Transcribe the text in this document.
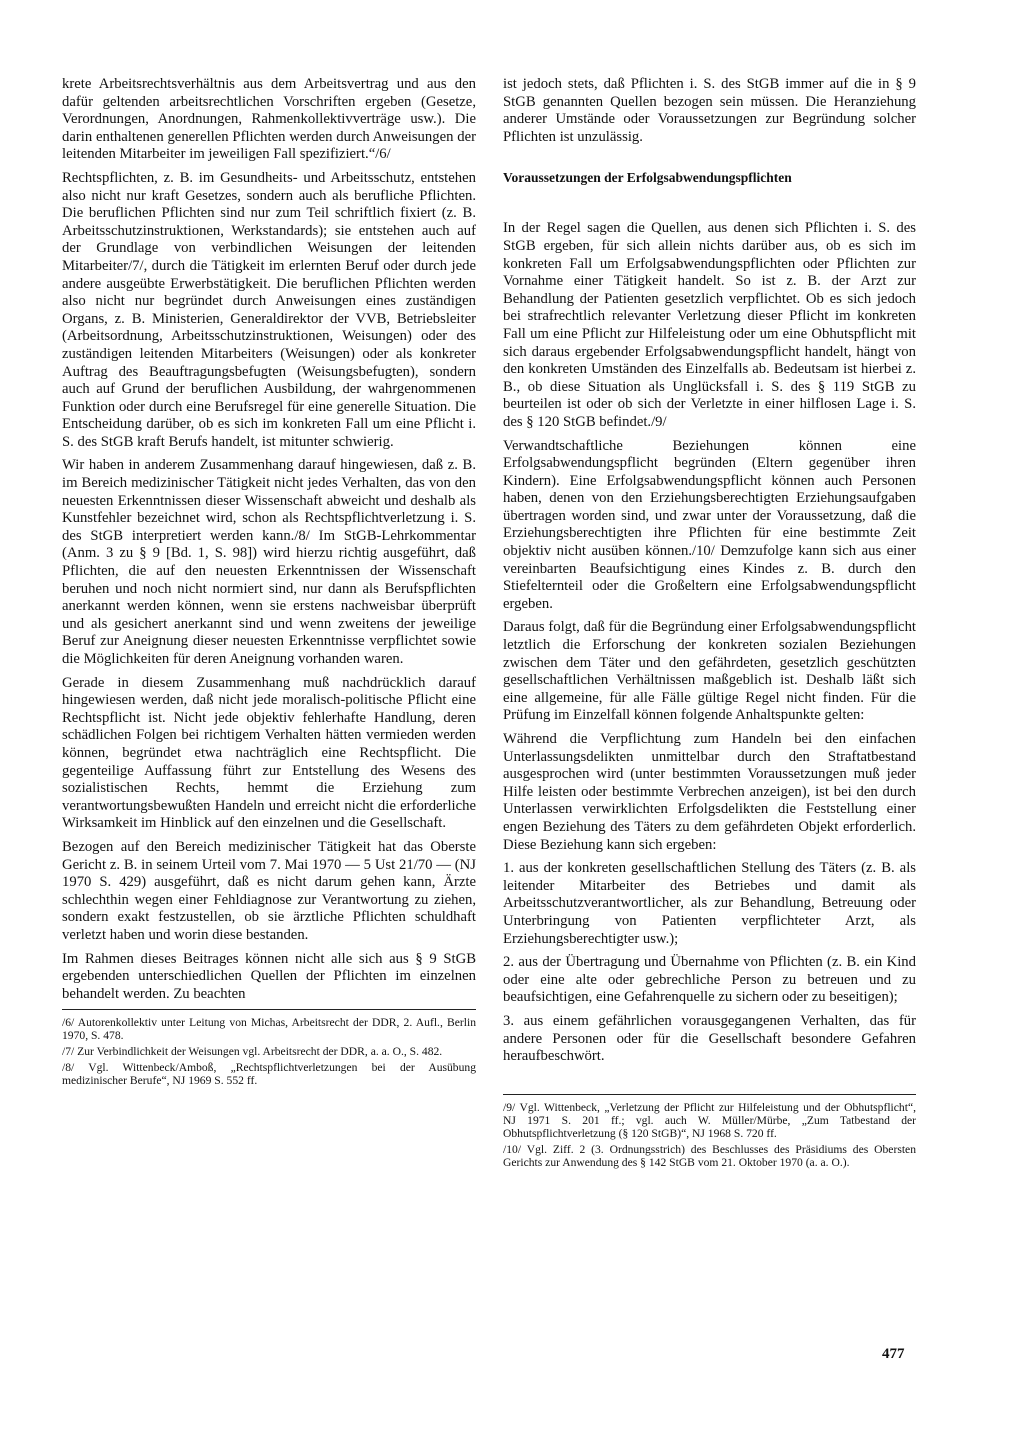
krete Arbeitsrechtsverhältnis aus dem Arbeitsvertrag und aus den dafür geltenden arbeitsrechtlichen Vorschriften ergeben (Gesetze, Verordnungen, Anordnungen, Rahmenkollektivverträge usw.). Die darin enthaltenen generellen Pflichten werden durch Anweisungen der leitenden Mitarbeiter im jeweiligen Fall spezifiziert.“/6/

Rechtspflichten, z. B. im Gesundheits- und Arbeitsschutz, entstehen also nicht nur kraft Gesetzes, sondern auch als berufliche Pflichten. Die beruflichen Pflichten sind nur zum Teil schriftlich fixiert (z. B. Arbeitsschutzinstruktionen, Werkstandards); sie entstehen auch auf der Grundlage von verbindlichen Weisungen der leitenden Mitarbeiter/7/, durch die Tätigkeit im erlernten Beruf oder durch jede andere ausgeübte Erwerbstätigkeit. Die beruflichen Pflichten werden also nicht nur begründet durch Anweisungen eines zuständigen Organs, z. B. Ministerien, Generaldirektor der VVB, Betriebsleiter (Arbeitsordnung, Arbeitsschutzinstruktionen, Weisungen) oder des zuständigen leitenden Mitarbeiters (Weisungen) oder als konkreter Auftrag des Beauftragungsbefugten (Weisungsbefugten), sondern auch auf Grund der beruflichen Ausbildung, der wahrgenommenen Funktion oder durch eine Berufsregel für eine generelle Situation. Die Entscheidung darüber, ob es sich im konkreten Fall um eine Pflicht i. S. des StGB kraft Berufs handelt, ist mitunter schwierig.

Wir haben in anderem Zusammenhang darauf hingewiesen, daß z. B. im Bereich medizinischer Tätigkeit nicht jedes Verhalten, das von den neuesten Erkenntnissen dieser Wissenschaft abweicht und deshalb als Kunstfehler bezeichnet wird, schon als Rechtspflichtverletzung i. S. des StGB interpretiert werden kann./8/ Im StGB-Lehrkommentar (Anm. 3 zu § 9 [Bd. 1, S. 98]) wird hierzu richtig ausgeführt, daß Pflichten, die auf den neuesten Erkenntnissen der Wissenschaft beruhen und noch nicht normiert sind, nur dann als Berufspflichten anerkannt werden können, wenn sie erstens nachweisbar überprüft und als gesichert anerkannt sind und wenn zweitens der jeweilige Beruf zur Aneignung dieser neuesten Erkenntnisse verpflichtet sowie die Möglichkeiten für deren Aneignung vorhanden waren.

Gerade in diesem Zusammenhang muß nachdrücklich darauf hingewiesen werden, daß nicht jede moralisch-politische Pflicht eine Rechtspflicht ist. Nicht jede objektiv fehlerhafte Handlung, deren schädlichen Folgen bei richtigem Verhalten hätten vermieden werden können, begründet etwa nachträglich eine Rechtspflicht. Die gegenteilige Auffassung führt zur Entstellung des Wesens des sozialistischen Rechts, hemmt die Erziehung zum verantwortungsbewußten Handeln und erreicht nicht die erforderliche Wirksamkeit im Hinblick auf den einzelnen und die Gesellschaft.

Bezogen auf den Bereich medizinischer Tätigkeit hat das Oberste Gericht z. B. in seinem Urteil vom 7. Mai 1970 — 5 Ust 21/70 — (NJ 1970 S. 429) ausgeführt, daß es nicht darum gehen kann, Ärzte schlechthin wegen einer Fehldiagnose zur Verantwortung zu ziehen, sondern exakt festzustellen, ob sie ärztliche Pflichten schuldhaft verletzt haben und worin diese bestanden.

Im Rahmen dieses Beitrages können nicht alle sich aus § 9 StGB ergebenden unterschiedlichen Quellen der Pflichten im einzelnen behandelt werden. Zu beachten

/6/ Autorenkollektiv unter Leitung von Michas, Arbeitsrecht der DDR, 2. Aufl., Berlin 1970, S. 478.

/7/ Zur Verbindlichkeit der Weisungen vgl. Arbeitsrecht der DDR, a. a. O., S. 482.

/8/ Vgl. Wittenbeck/Amboß, „Rechtspflichtverletzungen bei der Ausübung medizinischer Berufe“, NJ 1969 S. 552 ff.

ist jedoch stets, daß Pflichten i. S. des StGB immer auf die in § 9 StGB genannten Quellen bezogen sein müssen. Die Heranziehung anderer Umstände oder Voraussetzungen zur Begründung solcher Pflichten ist unzulässig.

Voraussetzungen der Erfolgsabwendungspflichten

In der Regel sagen die Quellen, aus denen sich Pflichten i. S. des StGB ergeben, für sich allein nichts darüber aus, ob es sich im konkreten Fall um Erfolgsabwendungspflichten oder Pflichten zur Vornahme einer Tätigkeit handelt. So ist z. B. der Arzt zur Behandlung der Patienten gesetzlich verpflichtet. Ob es sich jedoch bei strafrechtlich relevanter Verletzung dieser Pflicht im konkreten Fall um eine Pflicht zur Hilfeleistung oder um eine Obhutspflicht mit sich daraus ergebender Erfolgsabwendungspflicht handelt, hängt von den konkreten Umständen des Einzelfalls ab. Bedeutsam ist hierbei z. B., ob diese Situation als Unglücksfall i. S. des § 119 StGB zu beurteilen ist oder ob sich der Verletzte in einer hilflosen Lage i. S. des § 120 StGB befindet./9/

Verwandtschaftliche Beziehungen können eine Erfolgsabwendungspflicht begründen (Eltern gegenüber ihren Kindern). Eine Erfolgsabwendungspflicht können auch Personen haben, denen von den Erziehungsberechtigten Erziehungsaufgaben übertragen worden sind, und zwar unter der Voraussetzung, daß die Erziehungsberechtigten ihre Pflichten für eine bestimmte Zeit objektiv nicht ausüben können./10/ Demzufolge kann sich aus einer vereinbarten Beaufsichtigung eines Kindes z. B. durch den Stiefelternteil oder die Großeltern eine Erfolgsabwendungspflicht ergeben.

Daraus folgt, daß für die Begründung einer Erfolgsabwendungspflicht letztlich die Erforschung der konkreten sozialen Beziehungen zwischen dem Täter und den gefährdeten, gesetzlich geschützten gesellschaftlichen Verhältnissen maßgeblich ist. Deshalb läßt sich eine allgemeine, für alle Fälle gültige Regel nicht finden. Für die Prüfung im Einzelfall können folgende Anhaltspunkte gelten:

Während die Verpflichtung zum Handeln bei den einfachen Unterlassungsdelikten unmittelbar durch den Straftatbestand ausgesprochen wird (unter bestimmten Voraussetzungen muß jeder Hilfe leisten oder bestimmte Verbrechen anzeigen), ist bei den durch Unterlassen verwirklichten Erfolgsdelikten die Feststellung einer engen Beziehung des Täters zu dem gefährdeten Objekt erforderlich. Diese Beziehung kann sich ergeben:

1. aus der konkreten gesellschaftlichen Stellung des Täters (z. B. als leitender Mitarbeiter des Betriebes und damit als Arbeitsschutzverantwortlicher, als zur Behandlung, Betreuung oder Unterbringung von Patienten verpflichteter Arzt, als Erziehungsberechtigter usw.);

2. aus der Übertragung und Übernahme von Pflichten (z. B. ein Kind oder eine alte oder gebrechliche Person zu betreuen und zu beaufsichtigen, eine Gefahrenquelle zu sichern oder zu beseitigen);

3. aus einem gefährlichen vorausgegangenen Verhalten, das für andere Personen oder für die Gesellschaft besondere Gefahren heraufbeschwört.

/9/ Vgl. Wittenbeck, „Verletzung der Pflicht zur Hilfeleistung und der Obhutspflicht“, NJ 1971 S. 201 ff.; vgl. auch W. Müller/Mürbe, „Zum Tatbestand der Obhutspflichtverletzung (§ 120 StGB)“, NJ 1968 S. 720 ff.

/10/ Vgl. Ziff. 2 (3. Ordnungsstrich) des Beschlusses des Präsidiums des Obersten Gerichts zur Anwendung des § 142 StGB vom 21. Oktober 1970 (a. a. O.).

477
